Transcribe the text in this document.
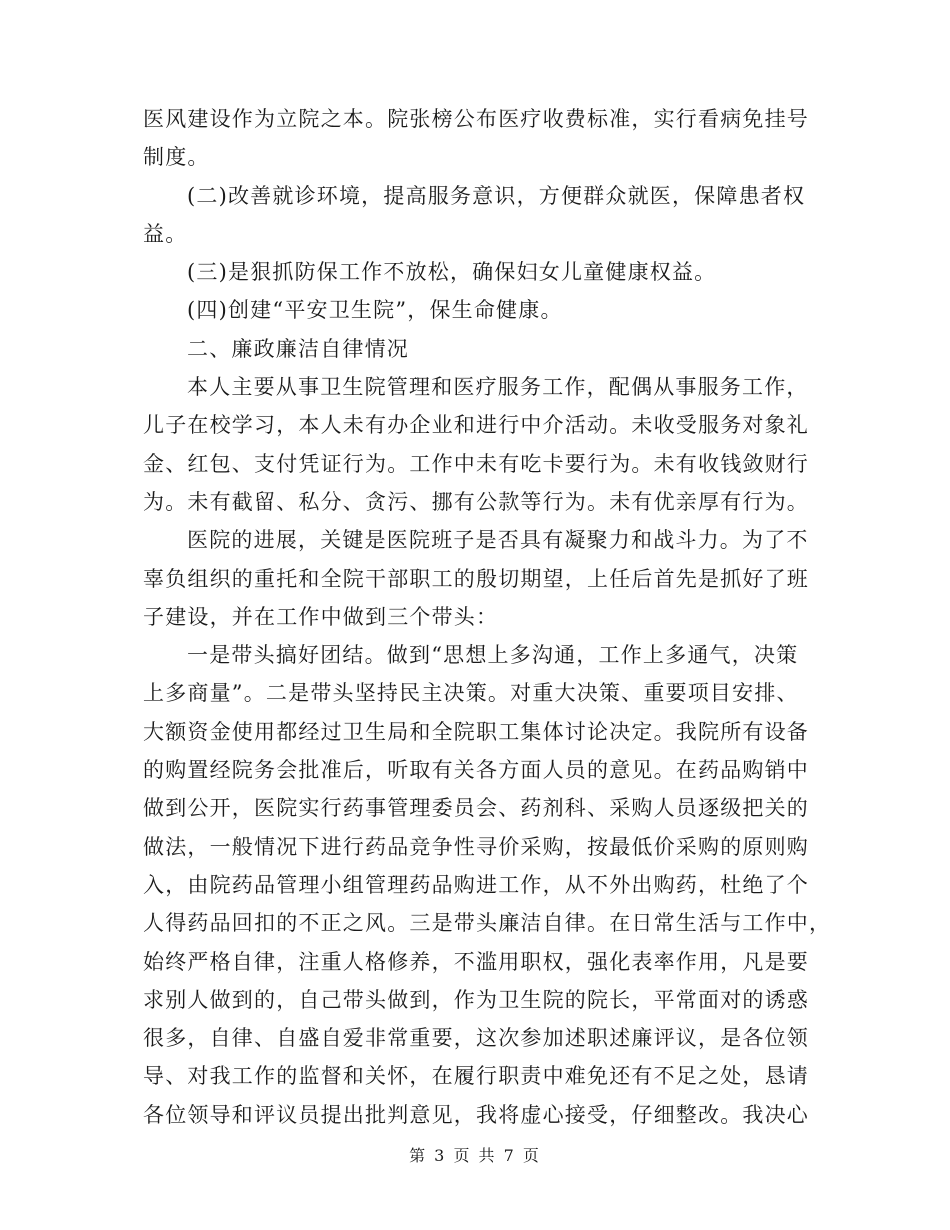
医风建设作为立院之本。院张榜公布医疗收费标准，实行看病免挂号
制度。
(二)改善就诊环境，提高服务意识，方便群众就医，保障患者权
益。
(三)是狠抓防保工作不放松，确保妇女儿童健康权益。
(四)创建“平安卫生院”，保生命健康。
二、廉政廉洁自律情况
本人主要从事卫生院管理和医疗服务工作，配偶从事服务工作，
儿子在校学习，本人未有办企业和进行中介活动。未收受服务对象礼
金、红包、支付凭证行为。工作中未有吃卡要行为。未有收钱敛财行
为。未有截留、私分、贪污、挪有公款等行为。未有优亲厚有行为。
医院的进展，关键是医院班子是否具有凝聚力和战斗力。为了不
辜负组织的重托和全院干部职工的殷切期望，上任后首先是抓好了班
子建设，并在工作中做到三个带头：
一是带头搞好团结。做到“思想上多沟通，工作上多通气，决策
上多商量”。二是带头坚持民主决策。对重大决策、重要项目安排、
大额资金使用都经过卫生局和全院职工集体讨论决定。我院所有设备
的购置经院务会批准后，听取有关各方面人员的意见。在药品购销中
做到公开，医院实行药事管理委员会、药剂科、采购人员逐级把关的
做法，一般情况下进行药品竞争性寻价采购，按最低价采购的原则购
入，由院药品管理小组管理药品购进工作，从不外出购药，杜绝了个
人得药品回扣的不正之风。三是带头廉洁自律。在日常生活与工作中，
始终严格自律，注重人格修养，不滥用职权，强化表率作用，凡是要
求别人做到的，自己带头做到，作为卫生院的院长，平常面对的诱惑
很多，自律、自盛自爱非常重要，这次参加述职述廉评议，是各位领
导、对我工作的监督和关怀，在履行职责中难免还有不足之处，恳请
各位领导和评议员提出批判意见，我将虚心接受，仔细整改。我决心
第 3 页 共 7 页
